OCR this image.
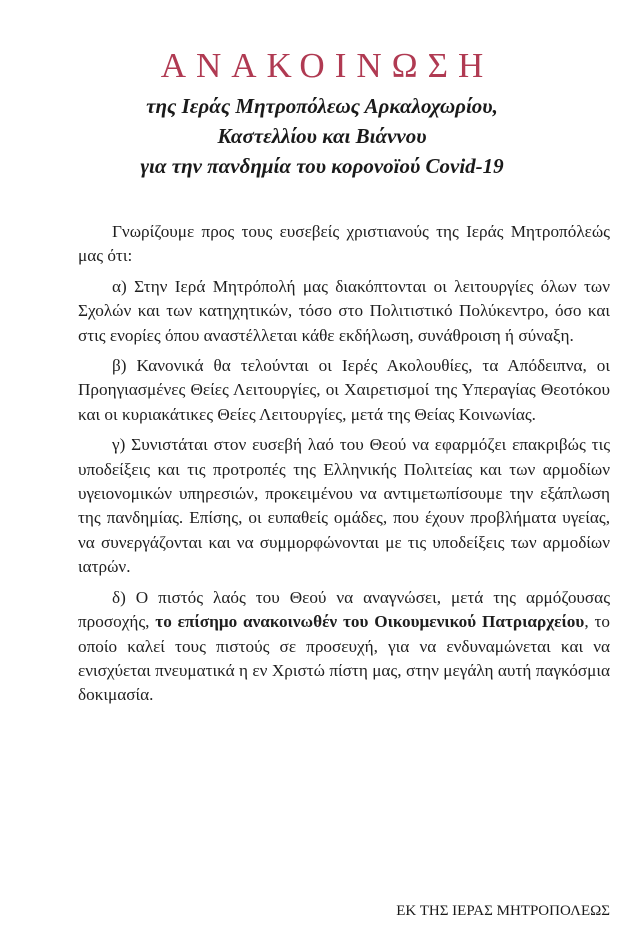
ΑΝΑΚΟΙΝΩΣΗ
της Ιεράς Μητροπόλεως Αρκαλοχωρίου,
Καστελλίου και Βιάννου
για την πανδημία του κορονοϊού Covid-19

Γνωρίζουμε προς τους ευσεβείς χριστιανούς της Ιεράς Μητροπόλεώς μας ότι:

α) Στην Ιερά Μητρόπολή μας διακόπτονται οι λειτουργίες όλων των Σχολών και των κατηχητικών, τόσο στο Πολιτιστικό Πολύκεντρο, όσο και στις ενορίες όπου αναστέλλεται κάθε εκδήλωση, συνάθροιση ή σύναξη.

β) Κανονικά θα τελούνται οι Ιερές Ακολουθίες, τα Απόδειπνα, οι Προηγιασμένες Θείες Λειτουργίες, οι Χαιρετισμοί της Υπεραγίας Θεοτόκου και οι κυριακάτικες Θείες Λειτουργίες, μετά της Θείας Κοινωνίας.

γ) Συνιστάται στον ευσεβή λαό του Θεού να εφαρμόζει επακριβώς τις υποδείξεις και τις προτροπές της Ελληνικής Πολιτείας και των αρμοδίων υγειονομικών υπηρεσιών, προκειμένου να αντιμετωπίσουμε την εξάπλωση της πανδημίας. Επίσης, οι ευπαθείς ομάδες, που έχουν προβλήματα υγείας, να συνεργάζονται και να συμμορφώνονται με τις υποδείξεις των αρμοδίων ιατρών.

δ) Ο πιστός λαός του Θεού να αναγνώσει, μετά της αρμόζουσας προσοχής, το επίσημο ανακοινωθέν του Οικουμενικού Πατριαρχείου, το οποίο καλεί τους πιστούς σε προσευχή, για να ενδυναμώνεται και να ενισχύεται πνευματικά η εν Χριστώ πίστη μας, στην μεγάλη αυτή παγκόσμια δοκιμασία.

ΕΚ ΤΗΣ ΙΕΡΑΣ ΜΗΤΡΟΠΟΛΕΩΣ
